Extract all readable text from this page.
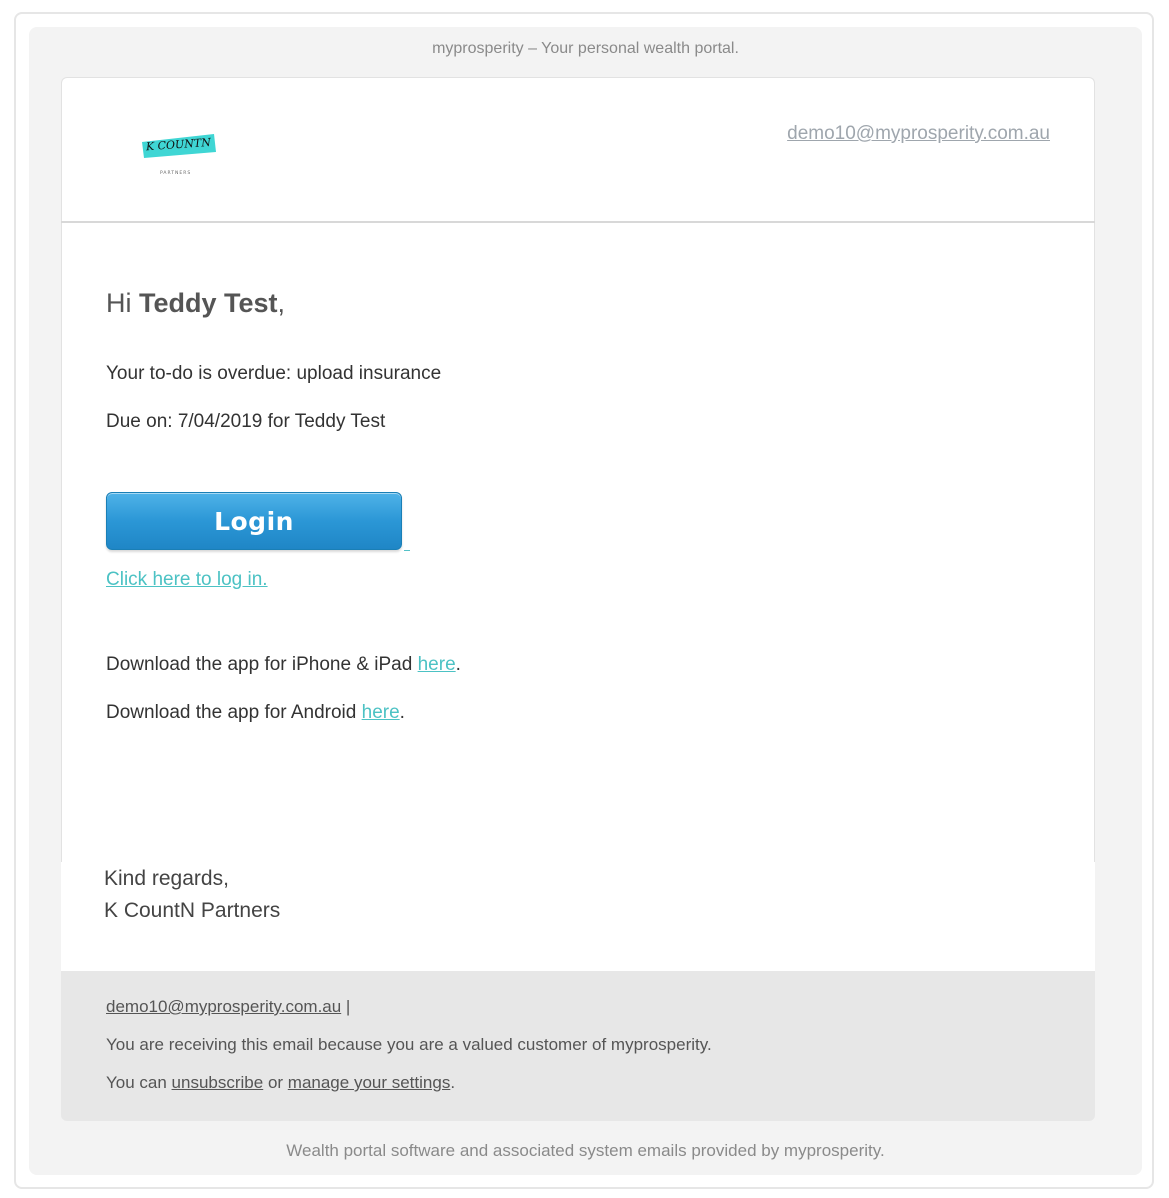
myprosperity – Your personal wealth portal.
K COUNTN
PARTNERS
demo10@myprosperity.com.au
Hi Teddy Test,
Your to-do is overdue: upload insurance
Due on: 7/04/2019 for Teddy Test
Login
Click here to log in.
Download the app for iPhone & iPad here.
Download the app for Android here.
Kind regards,
K CountN Partners
demo10@myprosperity.com.au |
You are receiving this email because you are a valued customer of myprosperity.
You can unsubscribe or manage your settings.
Wealth portal software and associated system emails provided by myprosperity.
